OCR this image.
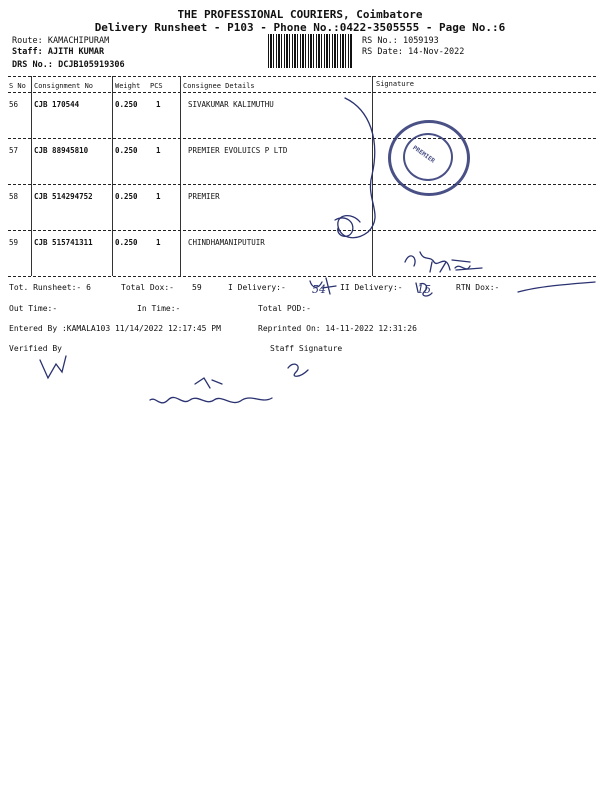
THE PROFESSIONAL COURIERS, Coimbatore
Delivery Runsheet - P103 - Phone No.:0422-3505555 - Page No.:6
Route: KAMACHIPURAM
Staff: AJITH KUMAR
DRS No.: DCJB105919306
RS No.: 1059193
RS Date: 14-Nov-2022
S No Consignment No	Weight PCS	Consignee Details	Signature
56 CJB 170544	0.250 1	SIVAKUMAR KALIMUTHU
57 CJB 88945810	0.250 1	PREMIER EVOLUICS P LTD
58 CJB 514294752	0.250 1	PREMIER
59 CJB 515741311	0.250 1	CHINDHAMANIPUTUIR
PREMIER
Tot. Runsheet:- 6	Total Dox:- 59	I Delivery:- 54 II Delivery:- 15	RTN Dox:-
Out Time:-	In Time:-	Total POD:-
Entered By :KAMALA103 11/14/2022 12:17:45 PM	Reprinted On: 14-11-2022 12:31:26
Verified By	Staff Signature
